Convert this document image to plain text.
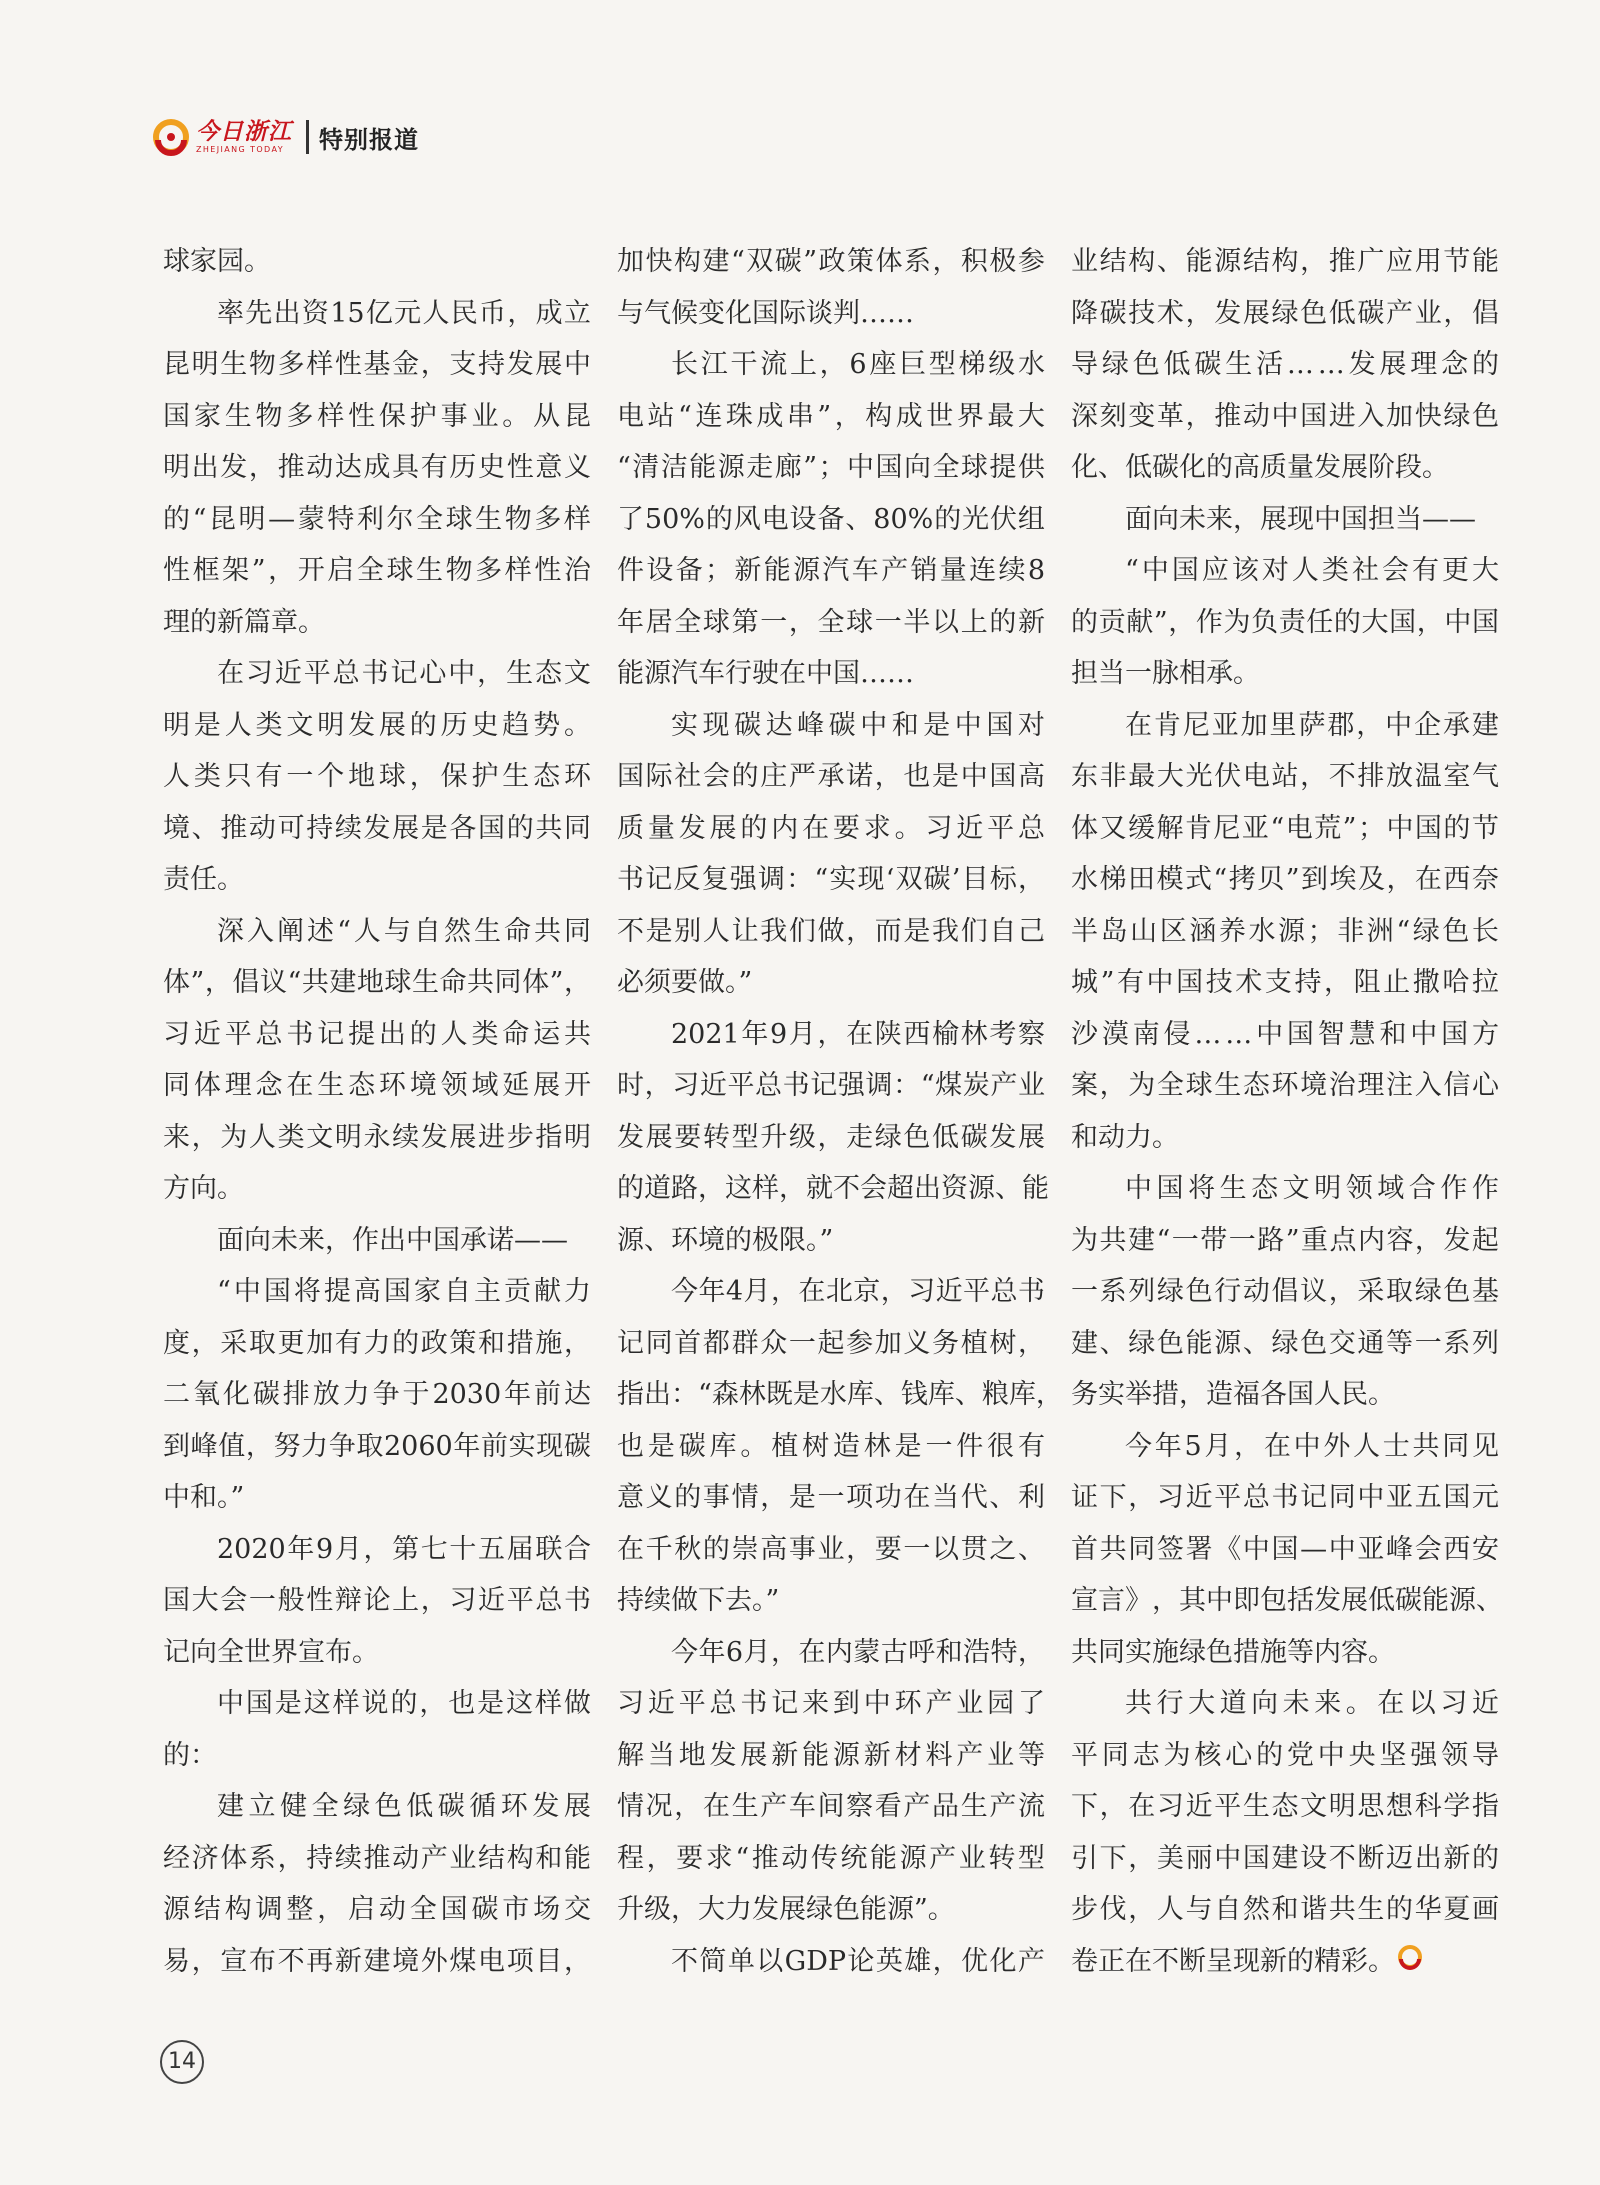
今日浙江
ZHEJIANG TODAY	特别报道
球家园。
率 先 出 资 15 亿 元 人 民 币 ， 成 立
昆 明 生 物 多 样 性 基 金 ， 支 持 发 展 中
国 家 生 物 多 样 性 保 护 事 业 。 从 昆
明 出 发 ， 推 动 达 成 具 有 历 史 性 意 义
的 “ 昆 明 — 蒙 特 利 尔 全 球 生 物 多 样
性 框 架 ” ， 开 启 全 球 生 物 多 样 性 治
理的新篇章。
在 习 近 平 总 书 记 心 中 ， 生 态 文
明 是 人 类 文 明 发 展 的 历 史 趋 势 。
人 类 只 有 一 个 地 球 ， 保 护 生 态 环
境 、 推 动 可 持 续 发 展 是 各 国 的 共 同
责任。
深 入 阐 述 “ 人 与 自 然 生 命 共 同
体 ” ， 倡 议 “ 共 建 地 球 生 命 共 同 体 ” ，
习 近 平 总 书 记 提 出 的 人 类 命 运 共
同 体 理 念 在 生 态 环 境 领 域 延 展 开
来 ， 为 人 类 文 明 永 续 发 展 进 步 指 明
方向。
面向未来，作出中国承诺——
“ 中 国 将 提 高 国 家 自 主 贡 献 力
度 ， 采 取 更 加 有 力 的 政 策 和 措 施 ，
二 氧 化 碳 排 放 力 争 于 2030 年 前 达
到 峰 值 ， 努 力 争 取 2060 年 前 实 现 碳
中和。”
2020 年 9 月 ， 第 七 十 五 届 联 合
国 大 会 一 般 性 辩 论 上 ， 习 近 平 总 书
记向全世界宣布。
中 国 是 这 样 说 的 ， 也 是 这 样 做
的：
建 立 健 全 绿 色 低 碳 循 环 发 展
经 济 体 系 ， 持 续 推 动 产 业 结 构 和 能
源 结 构 调 整 ， 启 动 全 国 碳 市 场 交
易 ， 宣 布 不 再 新 建 境 外 煤 电 项 目 ，
加 快 构 建 “ 双 碳 ” 政 策 体 系 ， 积 极 参
与气候变化国际谈判……
长 江 干 流 上 ， 6 座 巨 型 梯 级 水
电 站 “ 连 珠 成 串 ” ， 构 成 世 界 最 大
“ 清 洁 能 源 走 廊 ” ； 中 国 向 全 球 提 供
了 50% 的 风 电 设 备 、 80% 的 光 伏 组
件 设 备 ； 新 能 源 汽 车 产 销 量 连 续 8
年 居 全 球 第 一 ， 全 球 一 半 以 上 的 新
能源汽车行驶在中国……
实 现 碳 达 峰 碳 中 和 是 中 国 对
国 际 社 会 的 庄 严 承 诺 ， 也 是 中 国 高
质 量 发 展 的 内 在 要 求 。 习 近 平 总
书 记 反 复 强 调 ： “ 实 现 ‘ 双 碳 ’ 目 标 ，
不 是 别 人 让 我 们 做 ， 而 是 我 们 自 己
必须要做。”
2021 年 9 月 ， 在 陕 西 榆 林 考 察
时 ， 习 近 平 总 书 记 强 调 ： “ 煤 炭 产 业
发 展 要 转 型 升 级 ， 走 绿 色 低 碳 发 展
的 道 路 ， 这 样 ， 就 不 会 超 出 资 源 、 能
源、环境的极限。”
今 年 4 月 ， 在 北 京 ， 习 近 平 总 书
记 同 首 都 群 众 一 起 参 加 义 务 植 树 ，
指 出 ： “ 森 林 既 是 水 库 、 钱 库 、 粮 库 ，
也 是 碳 库 。 植 树 造 林 是 一 件 很 有
意 义 的 事 情 ， 是 一 项 功 在 当 代 、 利
在 千 秋 的 崇 高 事 业 ， 要 一 以 贯 之 、
持续做下去。”
今 年 6 月 ， 在 内 蒙 古 呼 和 浩 特 ，
习 近 平 总 书 记 来 到 中 环 产 业 园 了
解 当 地 发 展 新 能 源 新 材 料 产 业 等
情 况 ， 在 生 产 车 间 察 看 产 品 生 产 流
程 ， 要 求 “ 推 动 传 统 能 源 产 业 转 型
升级，大力发展绿色能源”。
不 简 单 以 GDP 论 英 雄 ， 优 化 产
业 结 构 、 能 源 结 构 ， 推 广 应 用 节 能
降 碳 技 术 ， 发 展 绿 色 低 碳 产 业 ， 倡
导 绿 色 低 碳 生 活 … … 发 展 理 念 的
深 刻 变 革 ， 推 动 中 国 进 入 加 快 绿 色
化、低碳化的高质量发展阶段。
面向未来，展现中国担当——
“ 中 国 应 该 对 人 类 社 会 有 更 大
的 贡 献 ” ， 作 为 负 责 任 的 大 国 ， 中 国
担当一脉相承。
在 肯 尼 亚 加 里 萨 郡 ， 中 企 承 建
东 非 最 大 光 伏 电 站 ， 不 排 放 温 室 气
体 又 缓 解 肯 尼 亚 “ 电 荒 ” ； 中 国 的 节
水 梯 田 模 式 “ 拷 贝 ” 到 埃 及 ， 在 西 奈
半 岛 山 区 涵 养 水 源 ； 非 洲 “ 绿 色 长
城 ” 有 中 国 技 术 支 持 ， 阻 止 撒 哈 拉
沙 漠 南 侵 … … 中 国 智 慧 和 中 国 方
案 ， 为 全 球 生 态 环 境 治 理 注 入 信 心
和动力。
中 国 将 生 态 文 明 领 域 合 作 作
为 共 建 “ 一 带 一 路 ” 重 点 内 容 ， 发 起
一 系 列 绿 色 行 动 倡 议 ， 采 取 绿 色 基
建 、 绿 色 能 源 、 绿 色 交 通 等 一 系 列
务实举措，造福各国人民。
今 年 5 月 ， 在 中 外 人 士 共 同 见
证 下 ， 习 近 平 总 书 记 同 中 亚 五 国 元
首 共 同 签 署 《 中 国 — 中 亚 峰 会 西 安
宣 言 》 ， 其 中 即 包 括 发 展 低 碳 能 源 、
共同实施绿色措施等内容。
共 行 大 道 向 未 来 。 在 以 习 近
平 同 志 为 核 心 的 党 中 央 坚 强 领 导
下 ， 在 习 近 平 生 态 文 明 思 想 科 学 指
引 下 ， 美 丽 中 国 建 设 不 断 迈 出 新 的
步 伐 ， 人 与 自 然 和 谐 共 生 的 华 夏 画
卷正在不断呈现新的精彩。
14
